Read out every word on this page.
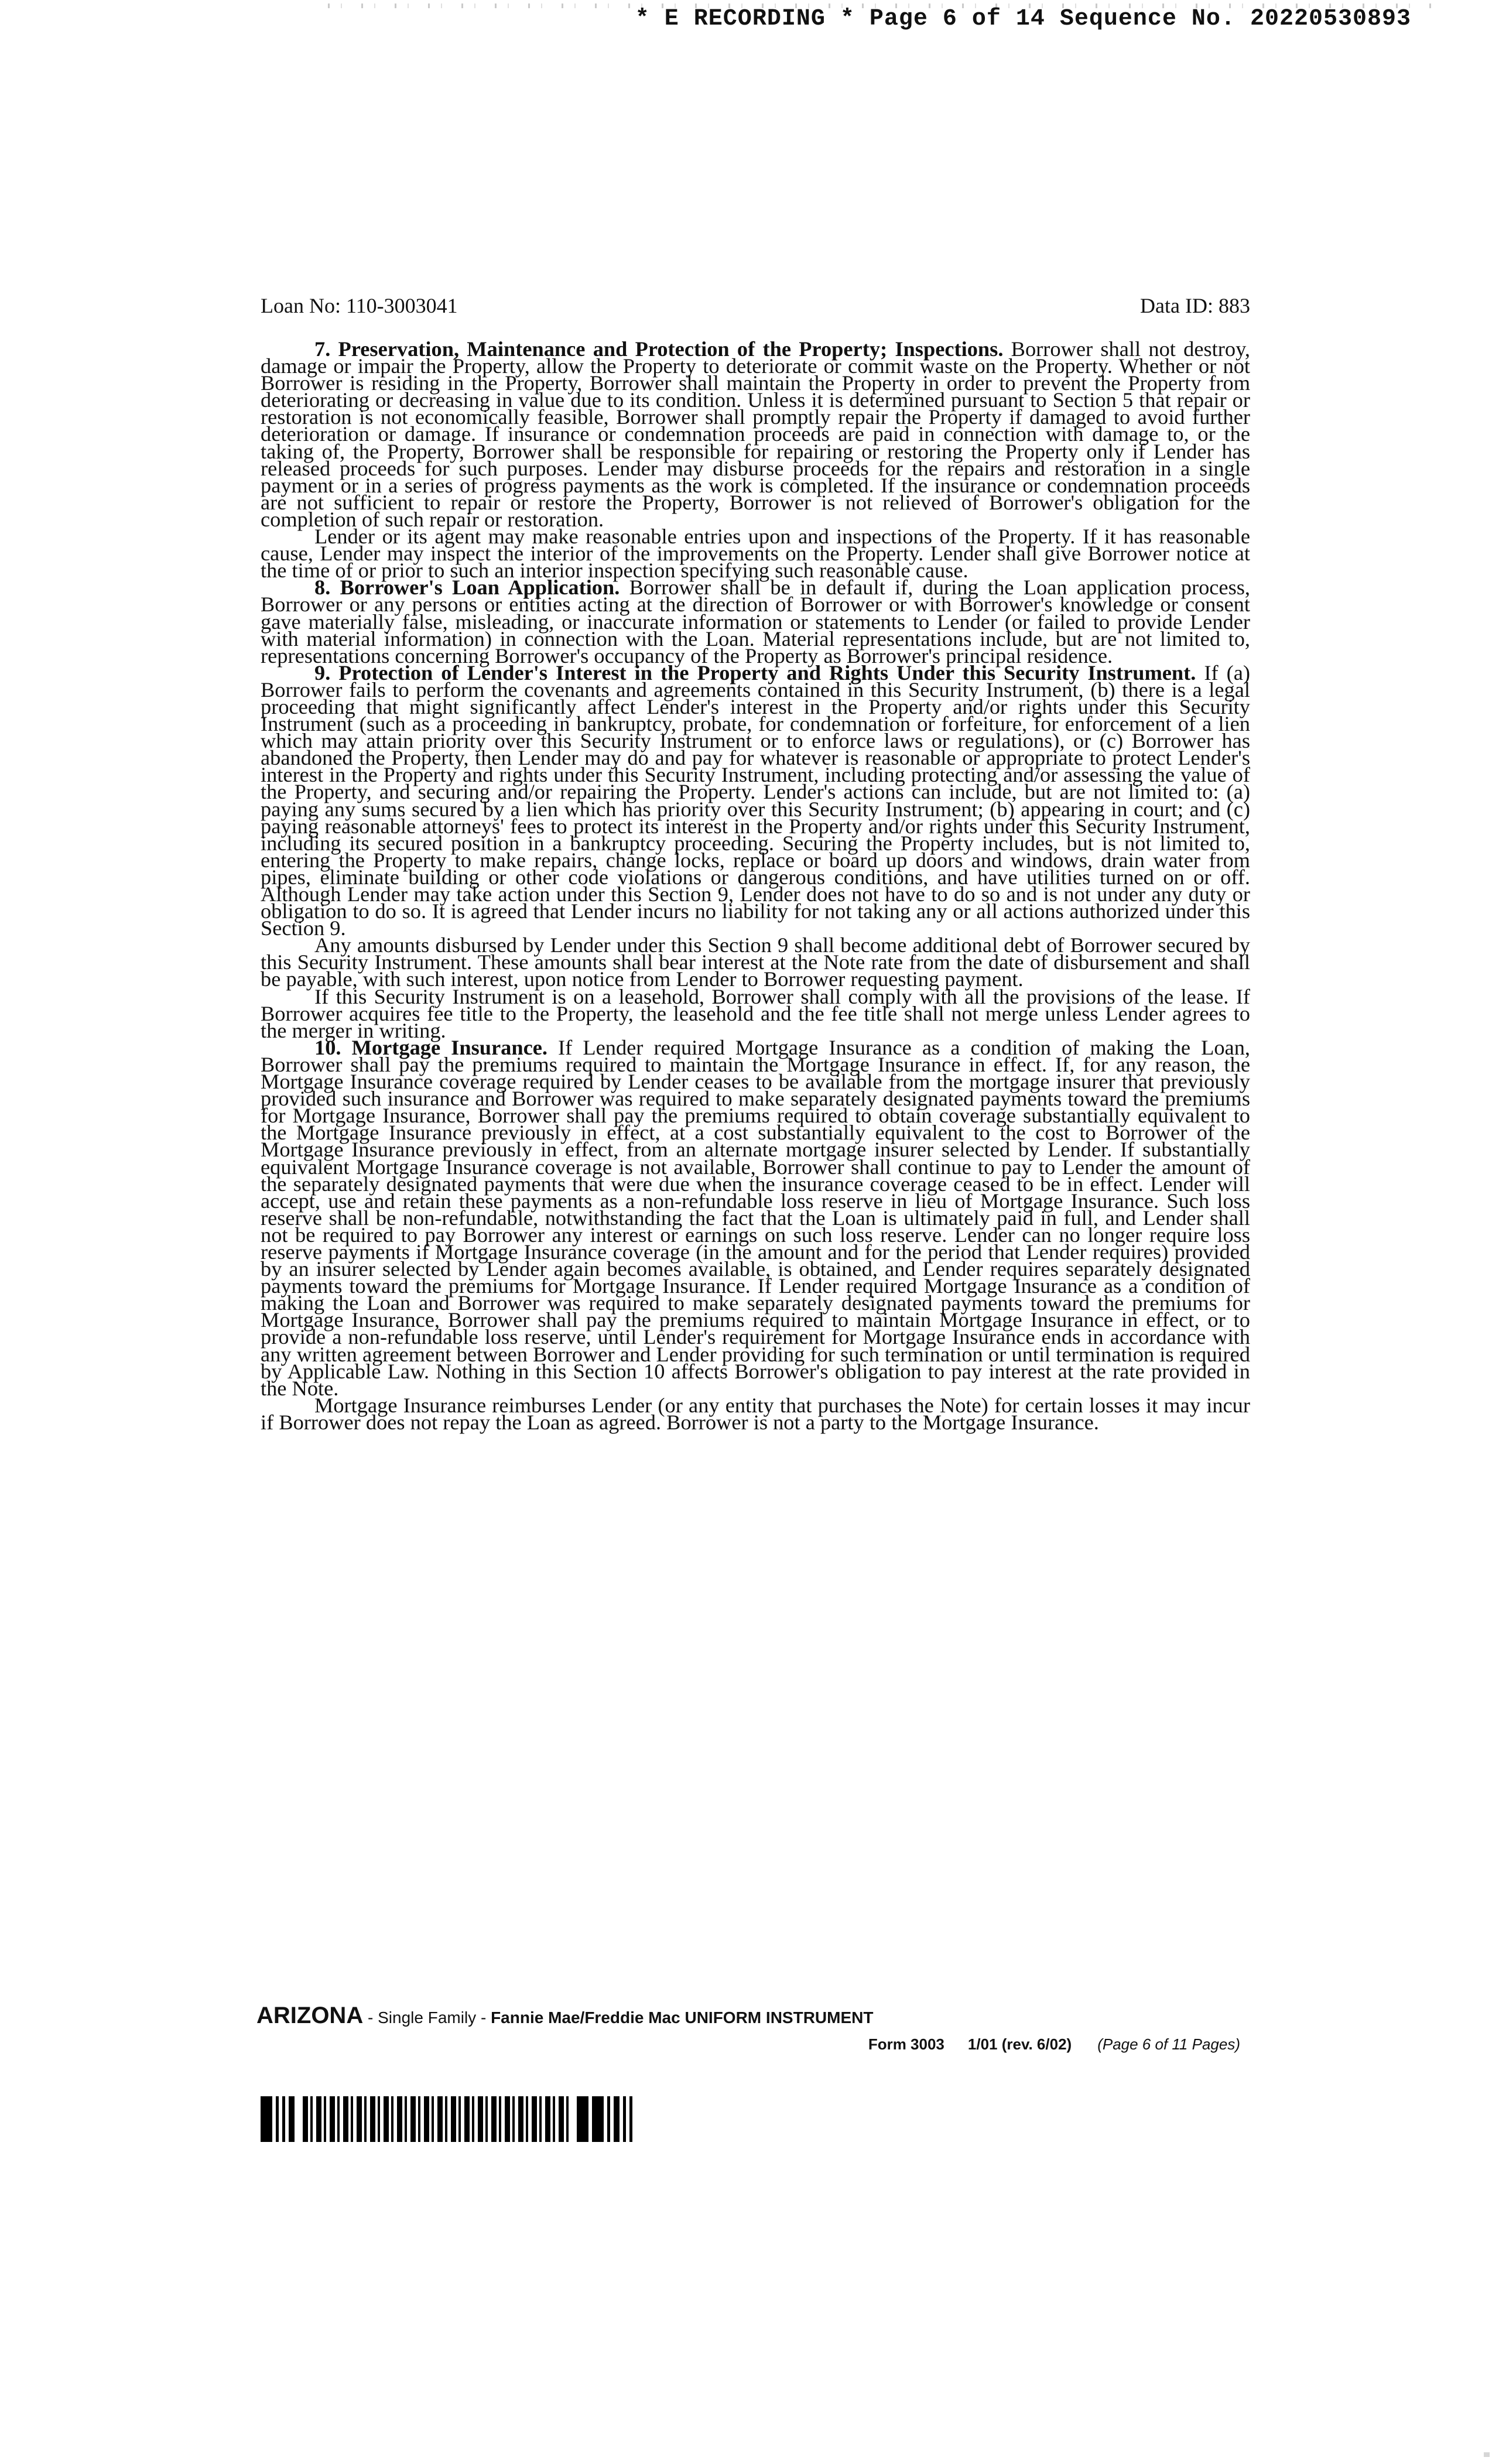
* E RECORDING * Page 6 of 14 Sequence No. 20220530893
Loan No: 110-3003041	Data ID: 883

7. Preservation, Maintenance and Protection of the Property; Inspections. Borrower shall not destroy, damage or impair the Property, allow the Property to deteriorate or commit waste on the Property. Whether or not Borrower is residing in the Property, Borrower shall maintain the Property in order to prevent the Property from deteriorating or decreasing in value due to its condition. Unless it is determined pursuant to Section 5 that repair or restoration is not economically feasible, Borrower shall promptly repair the Property if damaged to avoid further deterioration or damage. If insurance or condemnation proceeds are paid in connection with damage to, or the taking of, the Property, Borrower shall be responsible for repairing or restoring the Property only if Lender has released proceeds for such purposes. Lender may disburse proceeds for the repairs and restoration in a single payment or in a series of progress payments as the work is completed. If the insurance or condemnation proceeds are not sufficient to repair or restore the Property, Borrower is not relieved of Borrower's obligation for the completion of such repair or restoration.

Lender or its agent may make reasonable entries upon and inspections of the Property. If it has reasonable cause, Lender may inspect the interior of the improvements on the Property. Lender shall give Borrower notice at the time of or prior to such an interior inspection specifying such reasonable cause.

8. Borrower's Loan Application. Borrower shall be in default if, during the Loan application process, Borrower or any persons or entities acting at the direction of Borrower or with Borrower's knowledge or consent gave materially false, misleading, or inaccurate information or statements to Lender (or failed to provide Lender with material information) in connection with the Loan. Material representations include, but are not limited to, representations concerning Borrower's occupancy of the Property as Borrower's principal residence.

9. Protection of Lender's Interest in the Property and Rights Under this Security Instrument. If (a) Borrower fails to perform the covenants and agreements contained in this Security Instrument, (b) there is a legal proceeding that might significantly affect Lender's interest in the Property and/or rights under this Security Instrument (such as a proceeding in bankruptcy, probate, for condemnation or forfeiture, for enforcement of a lien which may attain priority over this Security Instrument or to enforce laws or regulations), or (c) Borrower has abandoned the Property, then Lender may do and pay for whatever is reasonable or appropriate to protect Lender's interest in the Property and rights under this Security Instrument, including protecting and/or assessing the value of the Property, and securing and/or repairing the Property. Lender's actions can include, but are not limited to: (a) paying any sums secured by a lien which has priority over this Security Instrument; (b) appearing in court; and (c) paying reasonable attorneys' fees to protect its interest in the Property and/or rights under this Security Instrument, including its secured position in a bankruptcy proceeding. Securing the Property includes, but is not limited to, entering the Property to make repairs, change locks, replace or board up doors and windows, drain water from pipes, eliminate building or other code violations or dangerous conditions, and have utilities turned on or off. Although Lender may take action under this Section 9, Lender does not have to do so and is not under any duty or obligation to do so. It is agreed that Lender incurs no liability for not taking any or all actions authorized under this Section 9.

Any amounts disbursed by Lender under this Section 9 shall become additional debt of Borrower secured by this Security Instrument. These amounts shall bear interest at the Note rate from the date of disbursement and shall be payable, with such interest, upon notice from Lender to Borrower requesting payment.

If this Security Instrument is on a leasehold, Borrower shall comply with all the provisions of the lease. If Borrower acquires fee title to the Property, the leasehold and the fee title shall not merge unless Lender agrees to the merger in writing.

10. Mortgage Insurance. If Lender required Mortgage Insurance as a condition of making the Loan, Borrower shall pay the premiums required to maintain the Mortgage Insurance in effect. If, for any reason, the Mortgage Insurance coverage required by Lender ceases to be available from the mortgage insurer that previously provided such insurance and Borrower was required to make separately designated payments toward the premiums for Mortgage Insurance, Borrower shall pay the premiums required to obtain coverage substantially equivalent to the Mortgage Insurance previously in effect, at a cost substantially equivalent to the cost to Borrower of the Mortgage Insurance previously in effect, from an alternate mortgage insurer selected by Lender. If substantially equivalent Mortgage Insurance coverage is not available, Borrower shall continue to pay to Lender the amount of the separately designated payments that were due when the insurance coverage ceased to be in effect. Lender will accept, use and retain these payments as a non-refundable loss reserve in lieu of Mortgage Insurance. Such loss reserve shall be non-refundable, notwithstanding the fact that the Loan is ultimately paid in full, and Lender shall not be required to pay Borrower any interest or earnings on such loss reserve. Lender can no longer require loss reserve payments if Mortgage Insurance coverage (in the amount and for the period that Lender requires) provided by an insurer selected by Lender again becomes available, is obtained, and Lender requires separately designated payments toward the premiums for Mortgage Insurance. If Lender required Mortgage Insurance as a condition of making the Loan and Borrower was required to make separately designated payments toward the premiums for Mortgage Insurance, Borrower shall pay the premiums required to maintain Mortgage Insurance in effect, or to provide a non-refundable loss reserve, until Lender's requirement for Mortgage Insurance ends in accordance with any written agreement between Borrower and Lender providing for such termination or until termination is required by Applicable Law. Nothing in this Section 10 affects Borrower's obligation to pay interest at the rate provided in the Note.

Mortgage Insurance reimburses Lender (or any entity that purchases the Note) for certain losses it may incur if Borrower does not repay the Loan as agreed. Borrower is not a party to the Mortgage Insurance.

ARIZONA - Single Family - Fannie Mae/Freddie Mac UNIFORM INSTRUMENT
Form 3003 1/01 (rev. 6/02) (Page 6 of 11 Pages)
